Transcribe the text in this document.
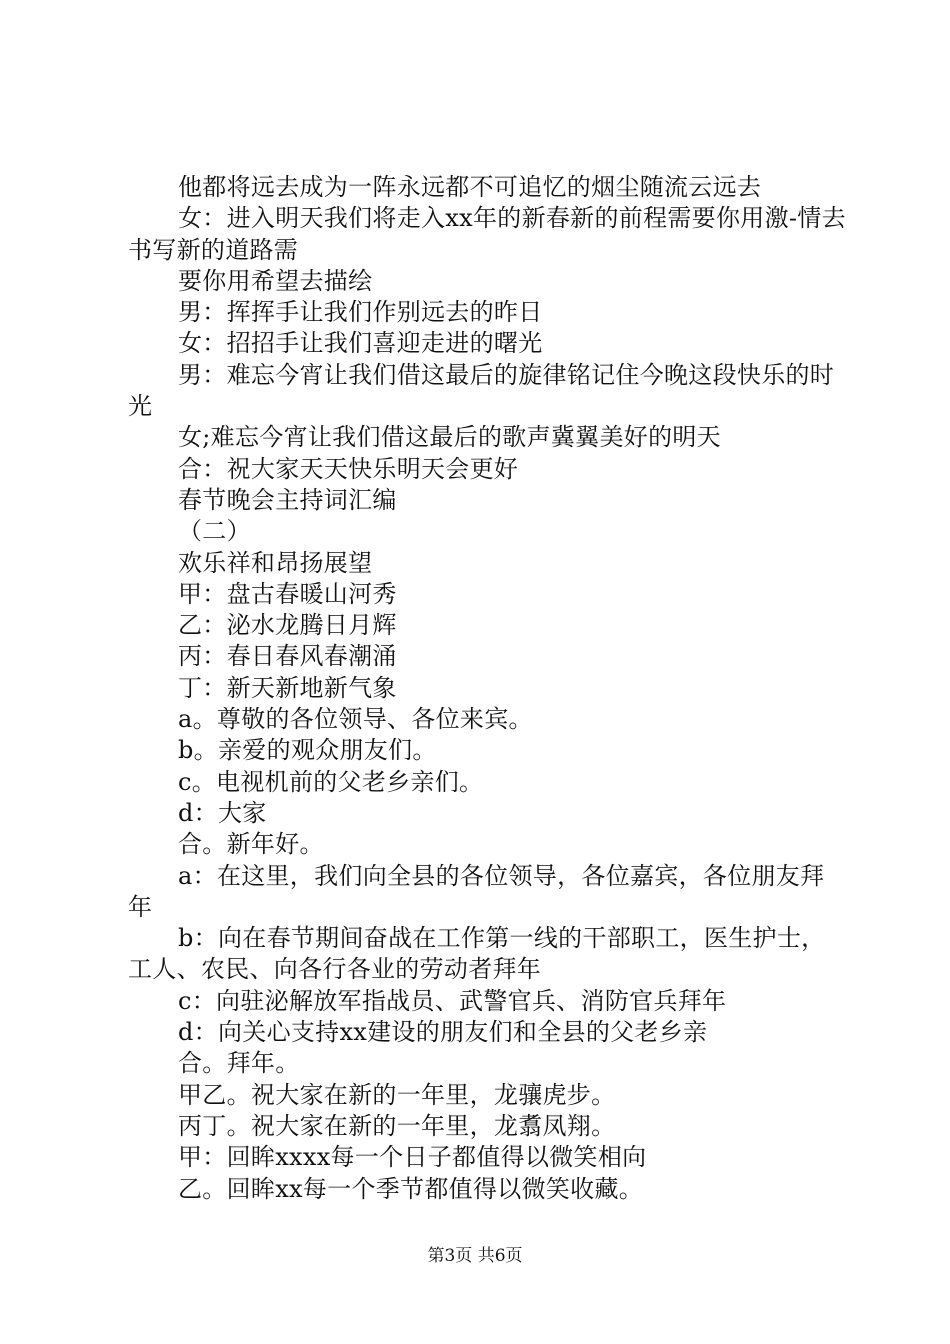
他都将远去成为一阵永远都不可追忆的烟尘随流云远去

女：进入明天我们将走入xx年的新春新的前程需要你用激-情去书写新的道路需

要你用希望去描绘

男：挥挥手让我们作别远去的昨日

女：招招手让我们喜迎走进的曙光

男：难忘今宵让我们借这最后的旋律铭记住今晚这段快乐的时光

女;难忘今宵让我们借这最后的歌声冀翼美好的明天

合：祝大家天天快乐明天会更好

春节晚会主持词汇编

（二）

欢乐祥和昂扬展望

甲：盘古春暖山河秀

乙：泌水龙腾日月辉

丙：春日春风春潮涌

丁：新天新地新气象

a。尊敬的各位领导、各位来宾。

b。亲爱的观众朋友们。

c。电视机前的父老乡亲们。

d：大家

合。新年好。

a：在这里，我们向全县的各位领导，各位嘉宾，各位朋友拜年

b：向在春节期间奋战在工作第一线的干部职工，医生护士，工人、农民、向各行各业的劳动者拜年

c：向驻泌解放军指战员、武警官兵、消防官兵拜年

d：向关心支持xx建设的朋友们和全县的父老乡亲

合。拜年。

甲乙。祝大家在新的一年里，龙骧虎步。

丙丁。祝大家在新的一年里，龙翥凤翔。

甲：回眸xxxx每一个日子都值得以微笑相向

乙。回眸xx每一个季节都值得以微笑收藏。

第3页 共6页
